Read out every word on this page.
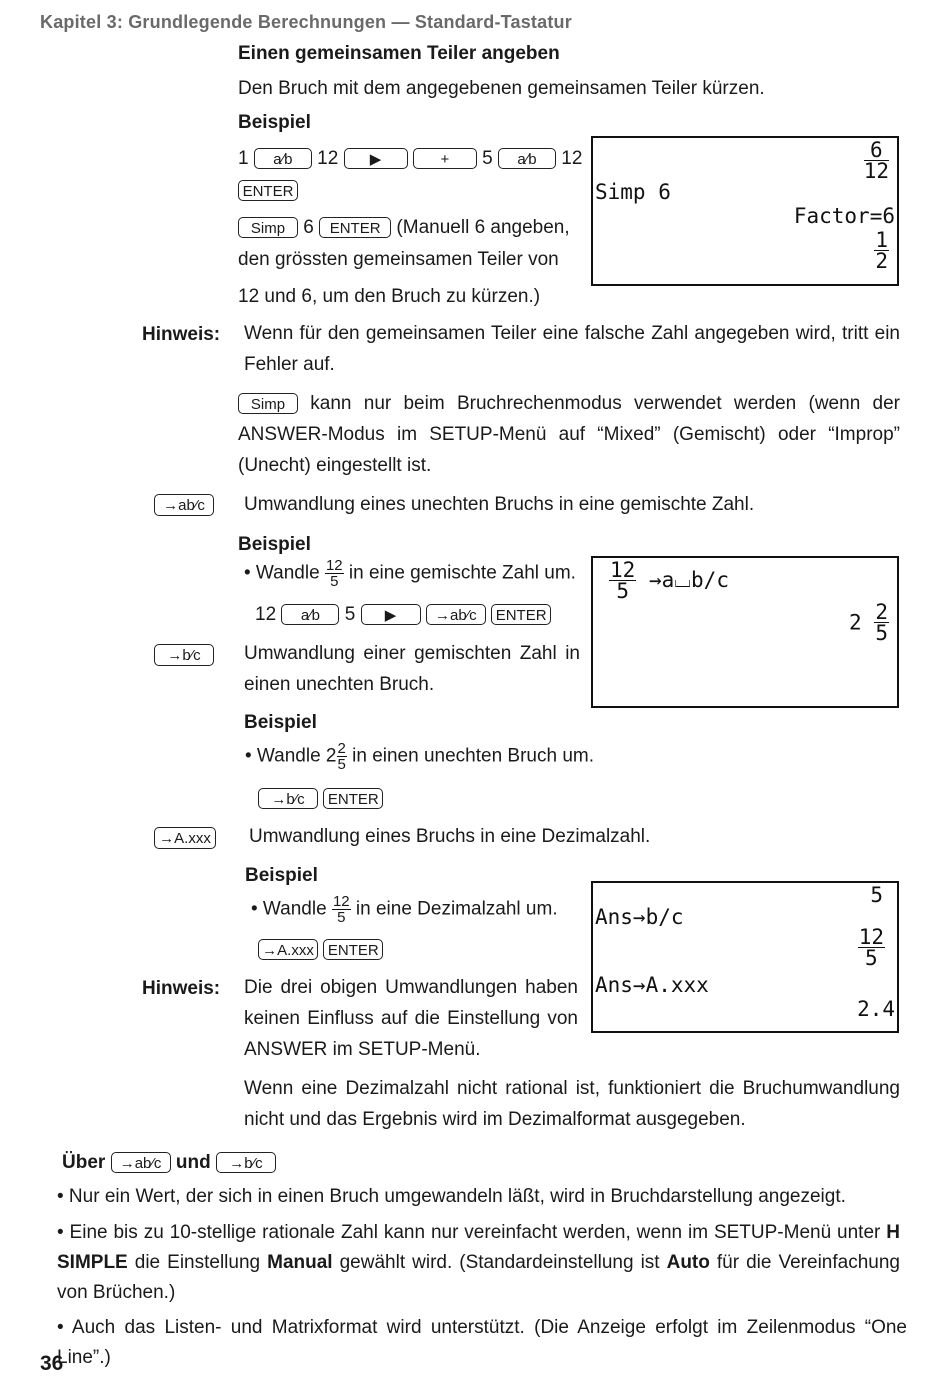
Kapitel 3: Grundlegende Berechnungen — Standard-Tastatur
Einen gemeinsamen Teiler angeben
Den Bruch mit dem angegebenen gemeinsamen Teiler kürzen.
Beispiel
1 a⁄b 12 ▶	+ 5 a⁄b 12
ENTER
Simp 6 ENTER (Manuell 6 angeben,
den grössten gemeinsamen Teiler von
12 und 6, um den Bruch zu kürzen.)
$\frac{6}{12}$
Simp 6
Factor=6
$\frac{1}{2}$
Hinweis: Wenn für den gemeinsamen Teiler eine falsche Zahl angegeben wird, tritt ein Fehler auf.
Simp kann nur beim Bruchrechenmodus verwendet werden (wenn der ANSWER-Modus im SETUP-Menü auf “Mixed” (Gemischt) oder “Improp” (Unecht) eingestellt ist.
→ab⁄c	Umwandlung eines unechten Bruchs in eine gemischte Zahl.
Beispiel
• Wandle $\frac{12}{5}$ in eine gemischte Zahl um.
12 a⁄b 5 ▶	→ab⁄c ENTER
$\frac{12}{5}$ →a⌴b/c
$2 \frac{2}{5}$
→b⁄c	Umwandlung einer gemischten Zahl in einen unechten Bruch.
Beispiel
• Wandle $2 \frac{2}{5}$ in einen unechten Bruch um.
→b⁄c ENTER
→A.xxx Umwandlung eines Bruchs in eine Dezimalzahl.
Beispiel
• Wandle $\frac{12}{5}$ in eine Dezimalzahl um.
→A.xxx ENTER
5
Ans→b/c
$\frac{12}{5}$
Ans→A.xxx
2.4
Hinweis: Die drei obigen Umwandlungen haben
keinen Einfluss auf die Einstellung von
ANSWER im SETUP-Menü.
Wenn eine Dezimalzahl nicht rational ist, funktioniert die Bruchumwandlung nicht und das Ergebnis wird im Dezimalformat ausgegeben.
Über →ab⁄c und →b⁄c
• Nur ein Wert, der sich in einen Bruch umgewandeln läßt, wird in Bruchdarstellung angezeigt.
• Eine bis zu 10-stellige rationale Zahl kann nur vereinfacht werden, wenn im SETUP-Menü unter H SIMPLE die Einstellung Manual gewählt wird. (Standardeinstellung ist Auto für die Vereinfachung von Brüchen.)
• Auch das Listen- und Matrixformat wird unterstützt. (Die Anzeige erfolgt im Zeilenmodus “One Line”.)
36
